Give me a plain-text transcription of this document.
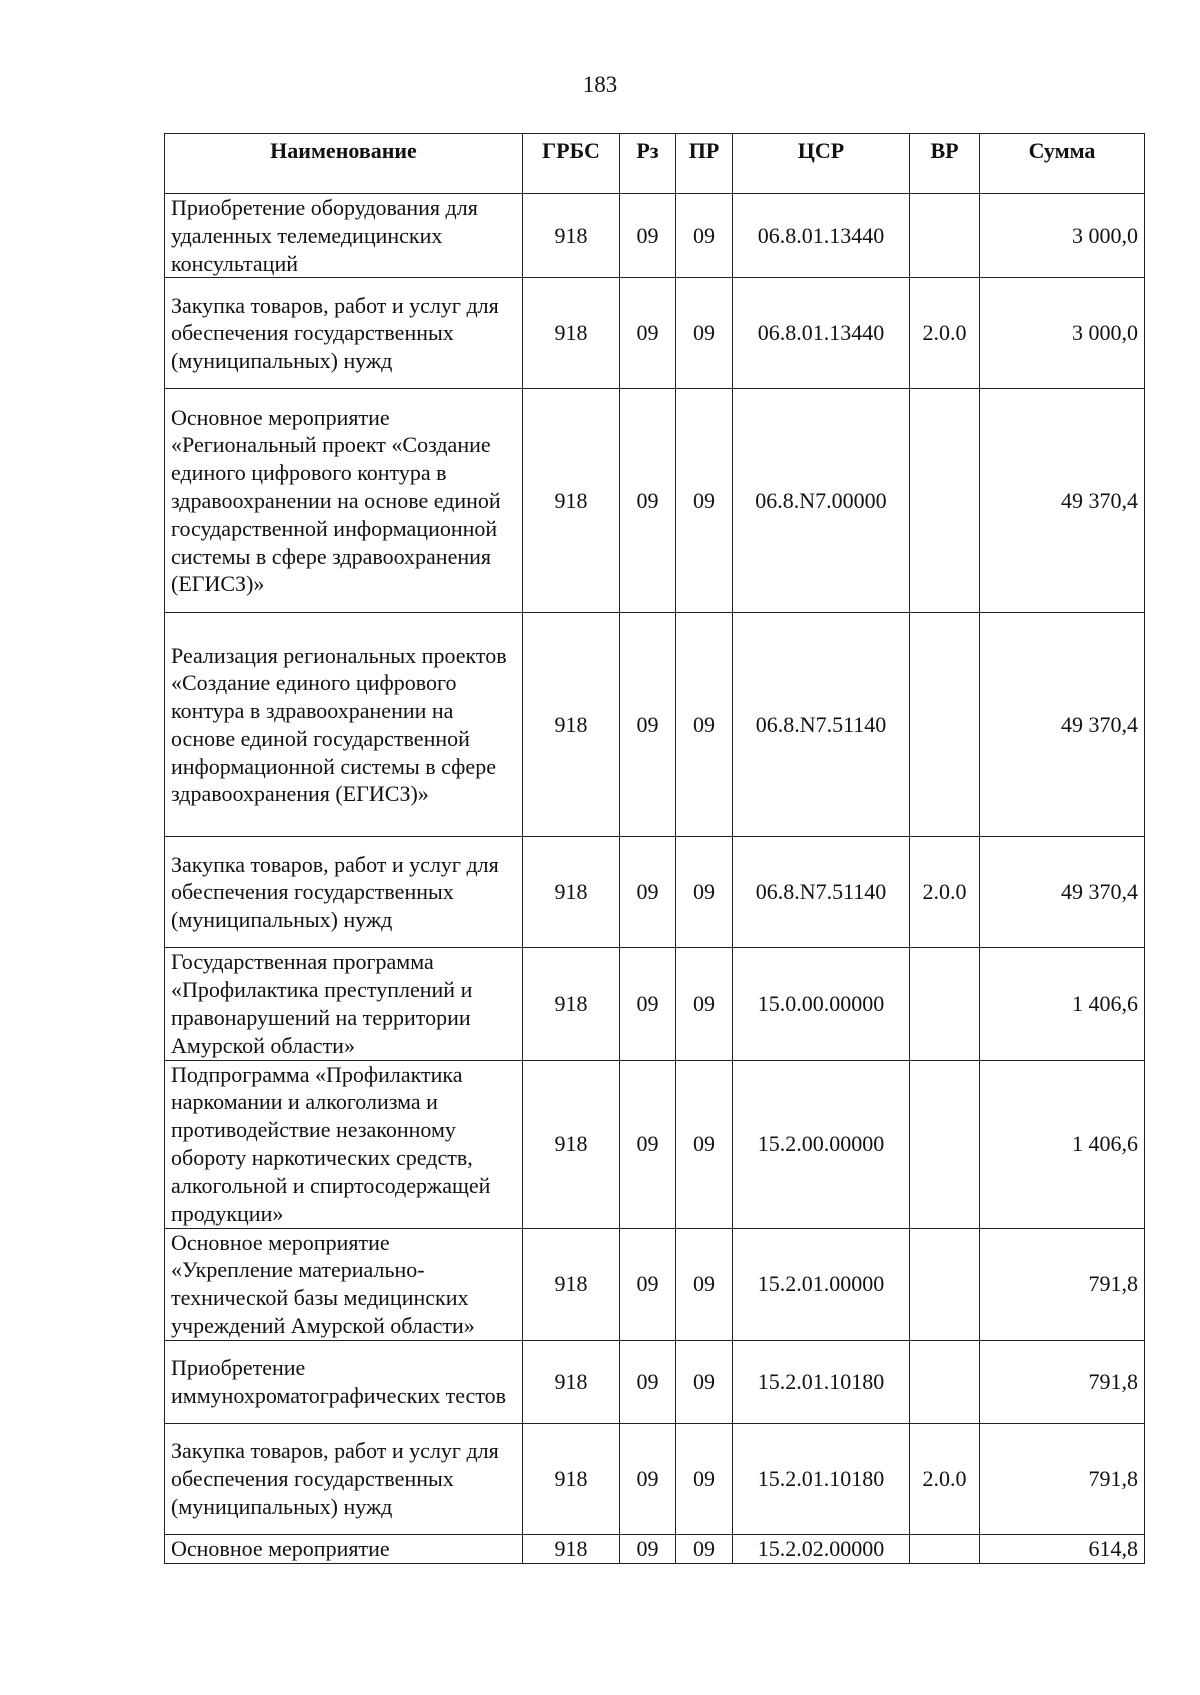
183
Наименование	ГРБС	Рз	ПР	ЦСР	ВР	Сумма
Приобретение оборудования для удаленных телемедицинских консультаций	918	09	09	06.8.01.13440		3 000,0
Закупка товаров, работ и услуг для обеспечения государственных (муниципальных) нужд	918	09	09	06.8.01.13440	2.0.0	3 000,0
Основное мероприятие «Региональный проект «Создание единого цифрового контура в здравоохранении на основе единой государственной информационной системы в сфере здравоохранения (ЕГИСЗ)»	918	09	09	06.8.N7.00000		49 370,4
Реализация региональных проектов «Создание единого цифрового контура в здравоохранении на основе единой государственной информационной системы в сфере здравоохранения (ЕГИСЗ)»	918	09	09	06.8.N7.51140		49 370,4
Закупка товаров, работ и услуг для обеспечения государственных (муниципальных) нужд	918	09	09	06.8.N7.51140	2.0.0	49 370,4
Государственная программа «Профилактика преступлений и правонарушений на территории Амурской области»	918	09	09	15.0.00.00000		1 406,6
Подпрограмма «Профилактика наркомании и алкоголизма и противодействие незаконному обороту наркотических средств, алкогольной и спиртосодержащей продукции»	918	09	09	15.2.00.00000		1 406,6
Основное мероприятие «Укрепление материально-технической базы медицинских учреждений Амурской области»	918	09	09	15.2.01.00000		791,8
Приобретение иммунохроматографических тестов	918	09	09	15.2.01.10180		791,8
Закупка товаров, работ и услуг для обеспечения государственных (муниципальных) нужд	918	09	09	15.2.01.10180	2.0.0	791,8
Основное мероприятие	918	09	09	15.2.02.00000		614,8
